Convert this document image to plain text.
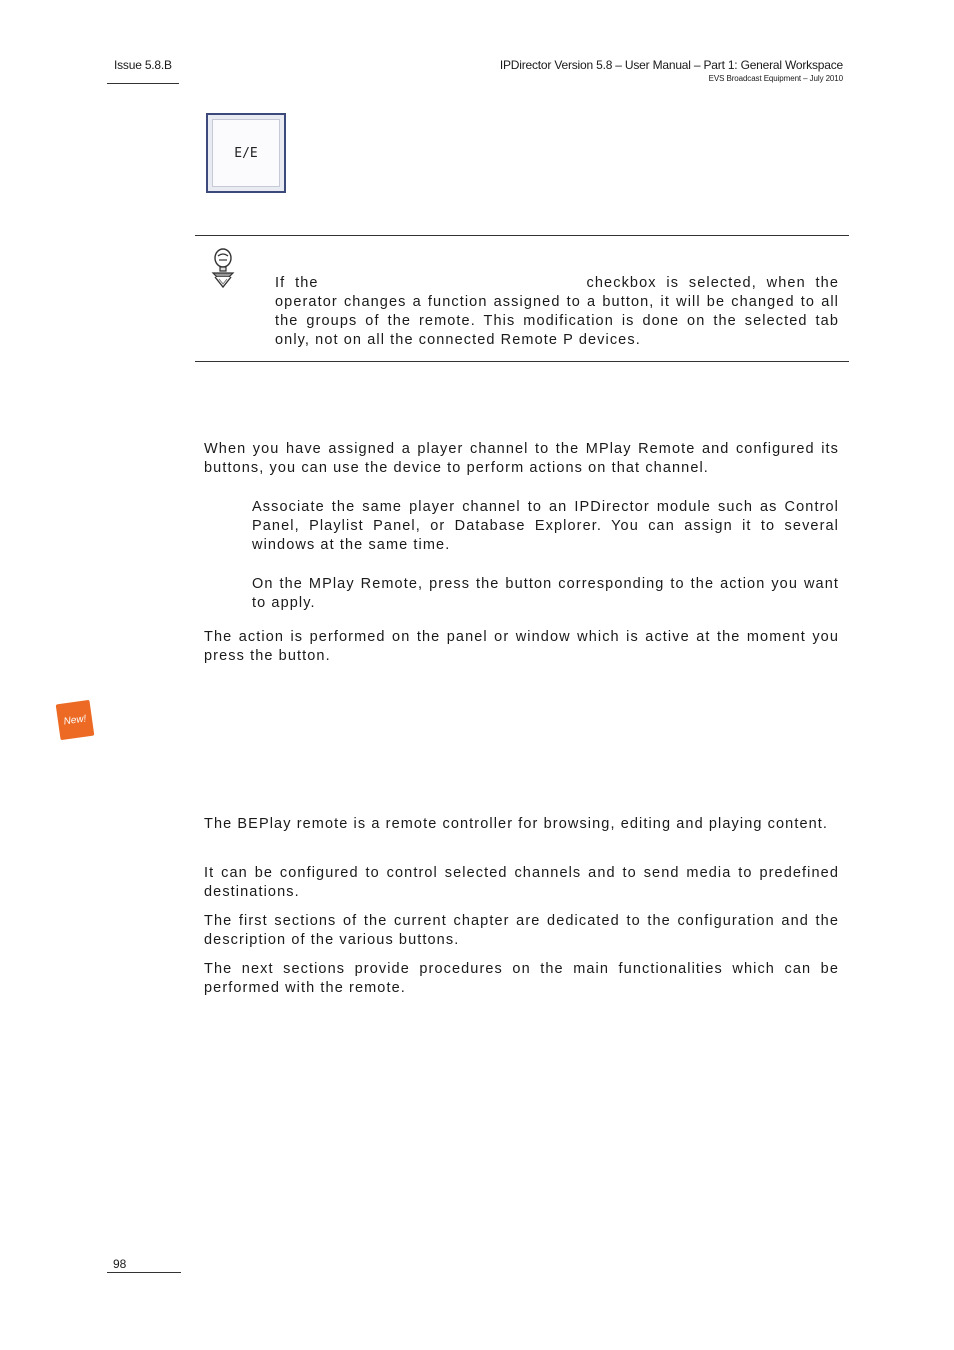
Issue 5.8.B	IPDirector Version 5.8 – User Manual – Part 1: General Workspace
EVS Broadcast Equipment – July 2010
E/E
If the	checkbox is selected, when the operator changes a function assigned to a button, it will be changed to all the groups of the remote. This modification is done on the selected tab only, not on all the connected Remote P devices.
When you have assigned a player channel to the MPlay Remote and configured its buttons, you can use the device to perform actions on that channel.
Associate the same player channel to an IPDirector module such as Control Panel, Playlist Panel, or Database Explorer. You can assign it to several windows at the same time.
On the MPlay Remote, press the button corresponding to the action you want to apply.
The action is performed on the panel or window which is active at the moment you press the button.
New!
The BEPlay remote is a remote controller for browsing, editing and playing content.
It can be configured to control selected channels and to send media to predefined destinations.
The first sections of the current chapter are dedicated to the configuration and the description of the various buttons.
The next sections provide procedures on the main functionalities which can be performed with the remote.
98
